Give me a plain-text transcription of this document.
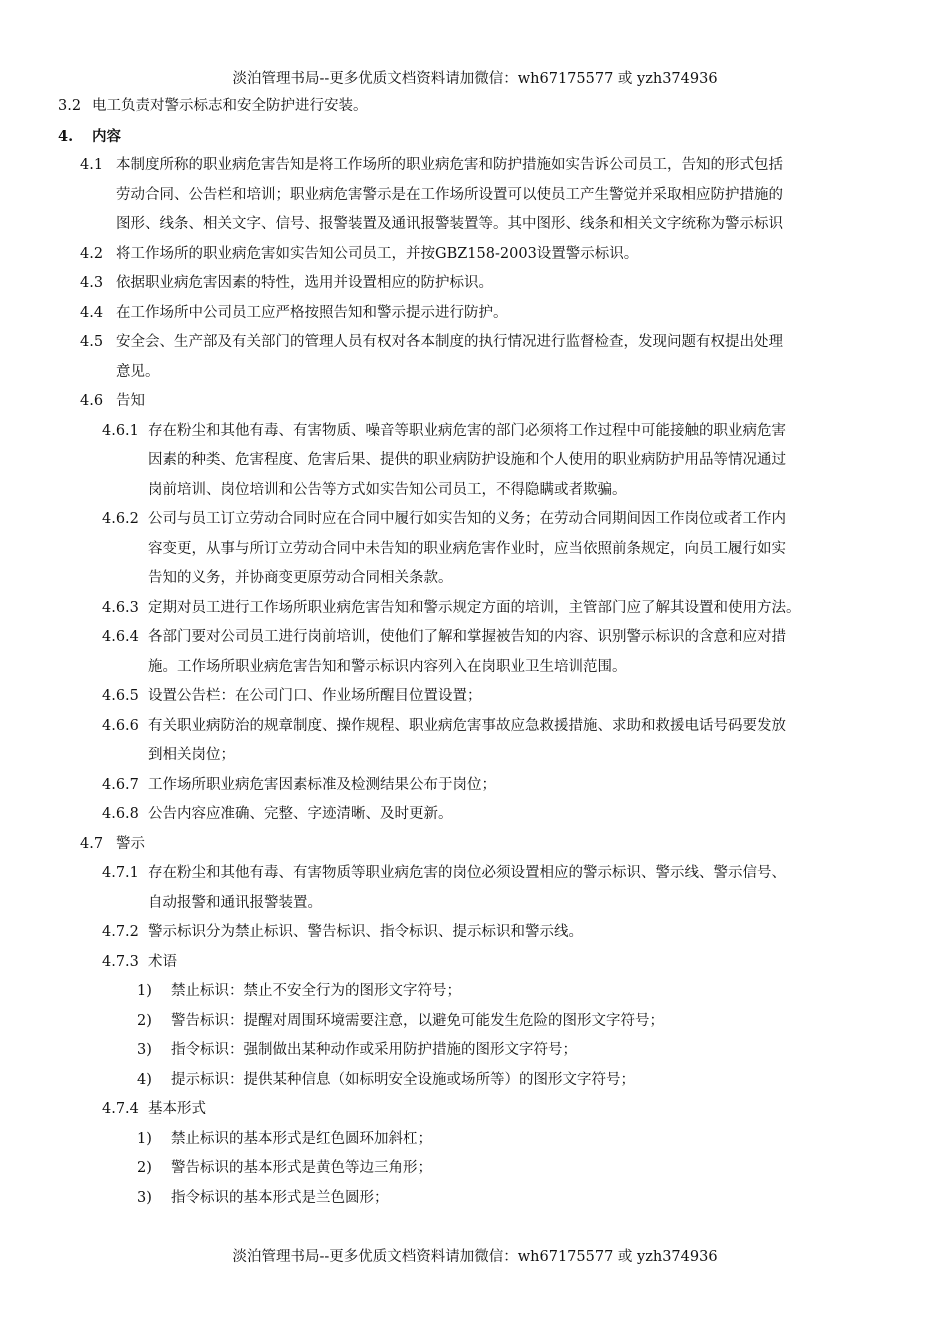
淡泊管理书局--更多优质文档资料请加微信：wh67175577 或 yzh374936
3.2 电工负责对警示标志和安全防护进行安装。
4. 内容
4.1 本制度所称的职业病危害告知是将工作场所的职业病危害和防护措施如实告诉公司员工，告知的形式包括
劳动合同、公告栏和培训；职业病危害警示是在工作场所设置可以使员工产生警觉并采取相应防护措施的
图形、线条、相关文字、信号、报警装置及通讯报警装置等。其中图形、线条和相关文字统称为警示标识
4.2 将工作场所的职业病危害如实告知公司员工，并按GBZ158-2003设置警示标识。
4.3 依据职业病危害因素的特性，选用并设置相应的防护标识。
4.4 在工作场所中公司员工应严格按照告知和警示提示进行防护。
4.5 安全会、生产部及有关部门的管理人员有权对各本制度的执行情况进行监督检查，发现问题有权提出处理
意见。
4.6 告知
4.6.1 存在粉尘和其他有毒、有害物质、噪音等职业病危害的部门必须将工作过程中可能接触的职业病危害
因素的种类、危害程度、危害后果、提供的职业病防护设施和个人使用的职业病防护用品等情况通过
岗前培训、岗位培训和公告等方式如实告知公司员工，不得隐瞒或者欺骗。
4.6.2 公司与员工订立劳动合同时应在合同中履行如实告知的义务；在劳动合同期间因工作岗位或者工作内
容变更，从事与所订立劳动合同中未告知的职业病危害作业时，应当依照前条规定，向员工履行如实
告知的义务，并协商变更原劳动合同相关条款。
4.6.3 定期对员工进行工作场所职业病危害告知和警示规定方面的培训，主管部门应了解其设置和使用方法。
4.6.4 各部门要对公司员工进行岗前培训，使他们了解和掌握被告知的内容、识别警示标识的含意和应对措
施。工作场所职业病危害告知和警示标识内容列入在岗职业卫生培训范围。
4.6.5 设置公告栏：在公司门口、作业场所醒目位置设置；
4.6.6 有关职业病防治的规章制度、操作规程、职业病危害事故应急救援措施、求助和救援电话号码要发放
到相关岗位；
4.6.7 工作场所职业病危害因素标准及检测结果公布于岗位；
4.6.8 公告内容应准确、完整、字迹清晰、及时更新。
4.7 警示
4.7.1 存在粉尘和其他有毒、有害物质等职业病危害的岗位必须设置相应的警示标识、警示线、警示信号、
自动报警和通讯报警装置。
4.7.2 警示标识分为禁止标识、警告标识、指令标识、提示标识和警示线。
4.7.3 术语
1) 禁止标识：禁止不安全行为的图形文字符号；
2) 警告标识：提醒对周围环境需要注意，以避免可能发生危险的图形文字符号；
3) 指令标识：强制做出某种动作或采用防护措施的图形文字符号；
4) 提示标识：提供某种信息（如标明安全设施或场所等）的图形文字符号；
4.7.4 基本形式
1) 禁止标识的基本形式是红色圆环加斜杠；
2) 警告标识的基本形式是黄色等边三角形；
3) 指令标识的基本形式是兰色圆形；
淡泊管理书局--更多优质文档资料请加微信：wh67175577 或 yzh374936
